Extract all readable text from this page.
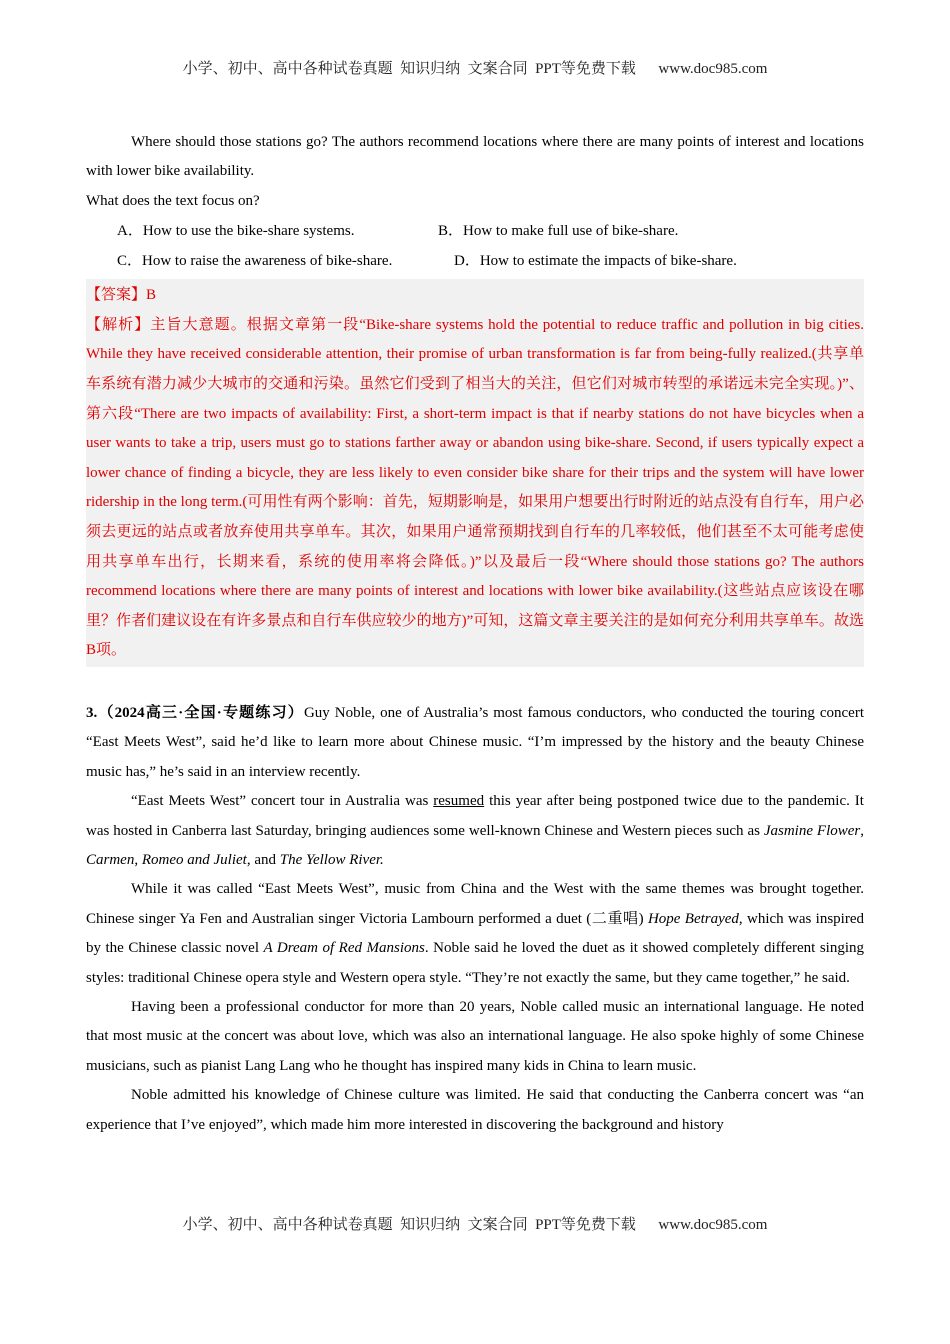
小学、初中、高中各种试卷真题  知识归纳  文案合同  PPT等免费下载      www.doc985.com

Where should those stations go? The authors recommend locations where there are many points of interest and locations with lower bike availability.

What does the text focus on?

A．How to use the bike-share systems.	B．How to make full use of bike-share.
C．How to raise the awareness of bike-share.	D．How to estimate the impacts of bike-share.

【答案】B

【解析】主旨大意题。根据文章第一段“Bike-share systems hold the potential to reduce traffic and pollution in big cities. While they have received considerable attention, their promise of urban transformation is far from being-fully realized.(共享单车系统有潜力减少大城市的交通和污染。虽然它们受到了相当大的关注，但它们对城市转型的承诺远未完全实现。)”、第六段“There are two impacts of availability: First, a short-term impact is that if nearby stations do not have bicycles when a user wants to take a trip, users must go to stations farther away or abandon using bike-share. Second, if users typically expect a lower chance of finding a bicycle, they are less likely to even consider bike share for their trips and the system will have lower ridership in the long term.(可用性有两个影响：首先，短期影响是，如果用户想要出行时附近的站点没有自行车，用户必须去更远的站点或者放弃使用共享单车。其次，如果用户通常预期找到自行车的几率较低，他们甚至不太可能考虑使用共享单车出行，长期来看，系统的使用率将会降低。)”以及最后一段“Where should those stations go? The authors recommend locations where there are many points of interest and locations with lower bike availability.(这些站点应该设在哪里？作者们建议设在有许多景点和自行车供应较少的地方)”可知，这篇文章主要关注的是如何充分利用共享单车。故选B项。

3.（2024高三·全国·专题练习）Guy Noble, one of Australia’s most famous conductors, who conducted the touring concert “East Meets West”, said he’d like to learn more about Chinese music. “I’m impressed by the history and the beauty Chinese music has,” he’s said in an interview recently.

“East Meets West” concert tour in Australia was resumed this year after being postponed twice due to the pandemic. It was hosted in Canberra last Saturday, bringing audiences some well-known Chinese and Western pieces such as Jasmine Flower, Carmen, Romeo and Juliet, and The Yellow River.

While it was called “East Meets West”, music from China and the West with the same themes was brought together. Chinese singer Ya Fen and Australian singer Victoria Lambourn performed a duet (二重唱) Hope Betrayed, which was inspired by the Chinese classic novel A Dream of Red Mansions. Noble said he loved the duet as it showed completely different singing styles: traditional Chinese opera style and Western opera style. “They’re not exactly the same, but they came together,” he said.

Having been a professional conductor for more than 20 years, Noble called music an international language. He noted that most music at the concert was about love, which was also an international language. He also spoke highly of some Chinese musicians, such as pianist Lang Lang who he thought has inspired many kids in China to learn music.

Noble admitted his knowledge of Chinese culture was limited. He said that conducting the Canberra concert was “an experience that I’ve enjoyed”, which made him more interested in discovering the background and history

小学、初中、高中各种试卷真题  知识归纳  文案合同  PPT等免费下载      www.doc985.com
